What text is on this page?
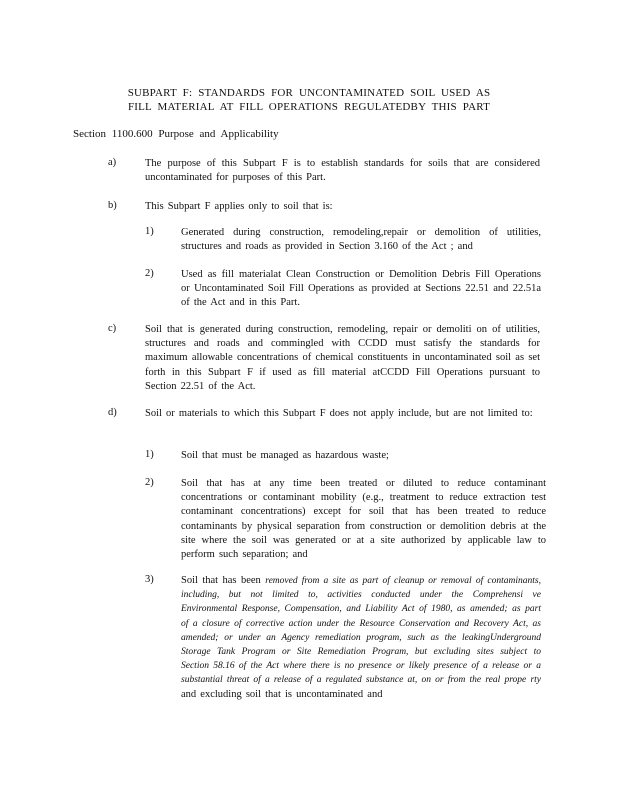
SUBPART F: STANDARDS FOR UNCONTAMINATED SOIL USED AS
FILL MATERIAL AT FILL OPERATIONS REGULATEDBY THIS PART
Section 1100.600 Purpose and Applicability
a)	The purpose of this Subpart F is to establish standards for soils that are considered uncontaminated for purposes of this Part.
b)	This Subpart F applies only to soil that is:
1)	Generated during construction, remodeling,repair or demolition of utilities, structures and roads as provided in Section 3.160 of the Act ; and
2)	Used as fill materialat Clean Construction or Demolition Debris Fill Operations or Uncontaminated Soil Fill Operations as provided at Sections 22.51 and 22.51a of the Act and in this Part.
c)	Soil that is generated during construction, remodeling, repair or demoliti on of utilities, structures and roads and commingled with CCDD must satisfy the standards for maximum allowable concentrations of chemical constituents in uncontaminated soil as set forth in this Subpart F if used as fill material atCCDD Fill Operations pursuant to Section 22.51 of the Act.
d)	Soil or materials to which this Subpart F does not apply include, but are not limited to:
1)	Soil that must be managed as hazardous waste;
2)	Soil that has at any time been treated or diluted to reduce contaminant concentrations or contaminant mobility (e.g., treatment to reduce extraction test contaminant concentrations) except for soil that has been treated to reduce contaminants by physical separation from construction or demolition debris at the site where the soil was generated or at a site authorized by applicable law to perform such separation; and
3)	Soil that has been removed from a site as part of cleanup or removal of contaminants, including, but not limited to, activities conducted under the Comprehensi ve Environmental Response, Compensation, and Liability Act of 1980, as amended; as part of a closure of corrective action under the Resource Conservation and Recovery Act, as amended; or under an Agency remediation program, such as the leakingUnderground Storage Tank Program or Site Remediation Program, but excluding sites subject to Section 58.16 of the Act where there is no presence or likely presence of a release or a substantial threat of a release of a regulated substance at, on or from the real prope rty and excluding soil that is uncontaminated and
